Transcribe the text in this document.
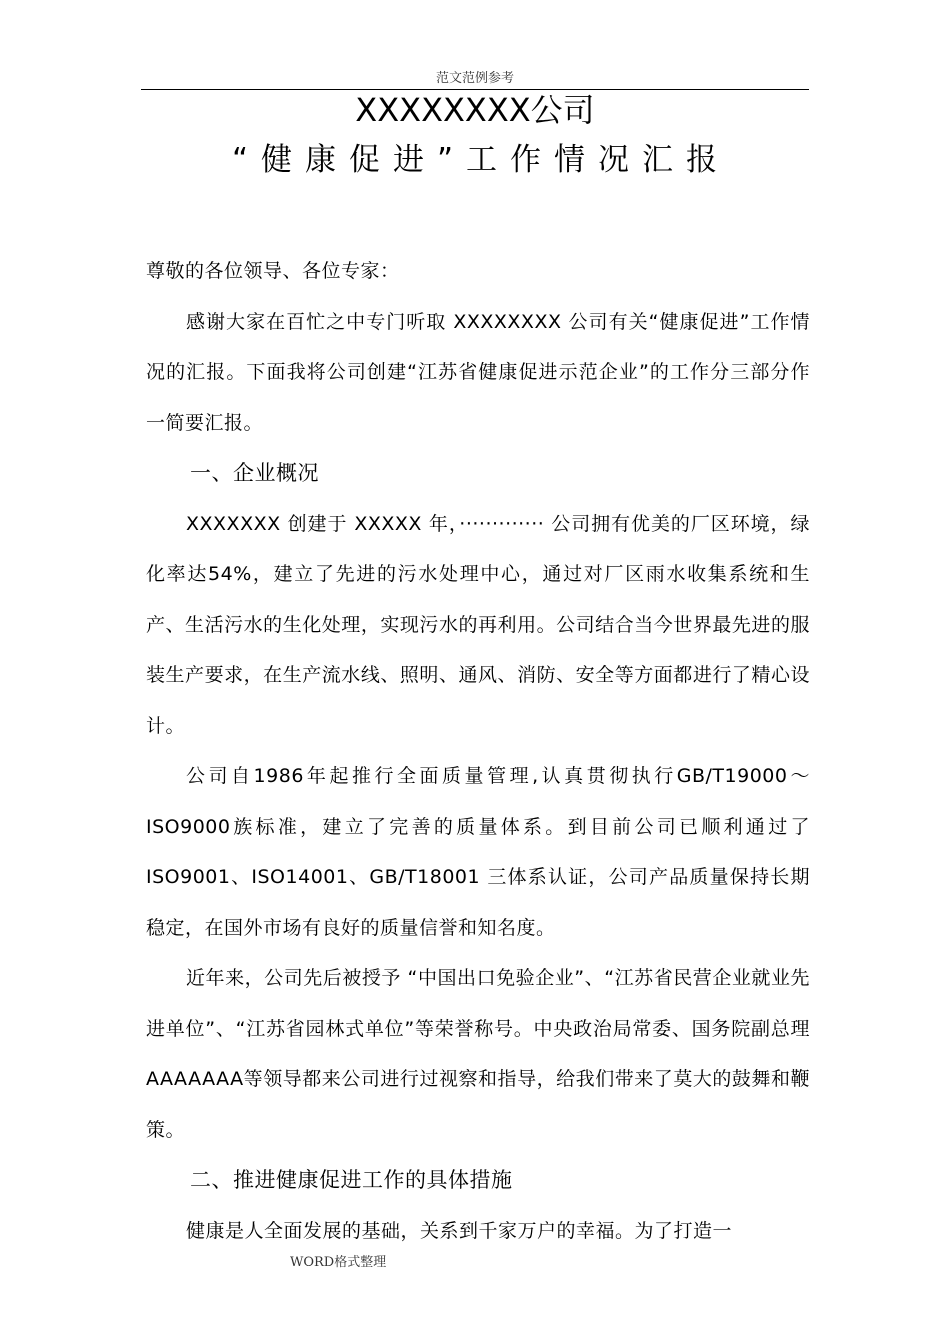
范文范例参考
XXXXXXXX公司
“健康促进”工作情况汇报

尊敬的各位领导、各位专家：

感谢大家在百忙之中专门听取 XXXXXXXX 公司有关“健康促进”工作情况的汇报。下面我将公司创建“江苏省健康促进示范企业”的工作分三部分作一简要汇报。

一、企业概况

XXXXXXX 创建于 XXXXX 年，············· 公司拥有优美的厂区环境，绿化率达54%，建立了先进的污水处理中心，通过对厂区雨水收集系统和生产、生活污水的生化处理，实现污水的再利用。公司结合当今世界最先进的服装生产要求，在生产流水线、照明、通风、消防、安全等方面都进行了精心设计。

公司自1986年起推行全面质量管理,认真贯彻执行GB/T19000～ISO9000族标准，建立了完善的质量体系。到目前公司已顺利通过了ISO9001、ISO14001、GB/T18001 三体系认证，公司产品质量保持长期稳定，在国外市场有良好的质量信誉和知名度。

近年来，公司先后被授予 “中国出口免验企业”、“江苏省民营企业就业先进单位”、“江苏省园林式单位”等荣誉称号。中央政治局常委、国务院副总理AAAAAAA等领导都来公司进行过视察和指导，给我们带来了莫大的鼓舞和鞭策。

二、推进健康促进工作的具体措施

健康是人全面发展的基础，关系到千家万户的幸福。为了打造一

WORD格式整理
